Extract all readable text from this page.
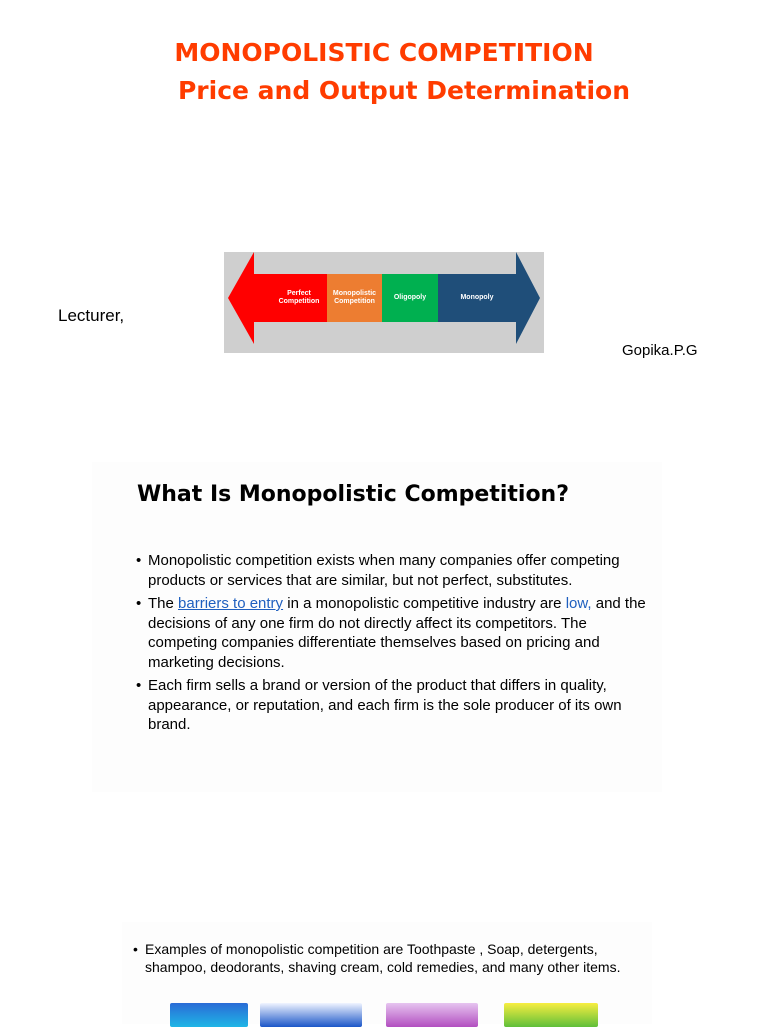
MONOPOLISTIC COMPETITION
Price and Output Determination
Perfect
Competition
Monopolistic
Competition
Oligopoly	Monopoly
Lecturer,
Gopika.P.G
What Is Monopolistic Competition?
• Monopolistic competition exists when many companies offer competing products or services that are similar, but not perfect, substitutes.
• The barriers to entry in a monopolistic competitive industry are low, and the decisions of any one firm do not directly affect its competitors. The competing companies differentiate themselves based on pricing and marketing decisions.
• Each firm sells a brand or version of the product that differs in quality, appearance, or reputation, and each firm is the sole producer of its own brand.
• Examples of monopolistic competition are Toothpaste , Soap, detergents, shampoo, deodorants, shaving cream, cold remedies, and many other items.
